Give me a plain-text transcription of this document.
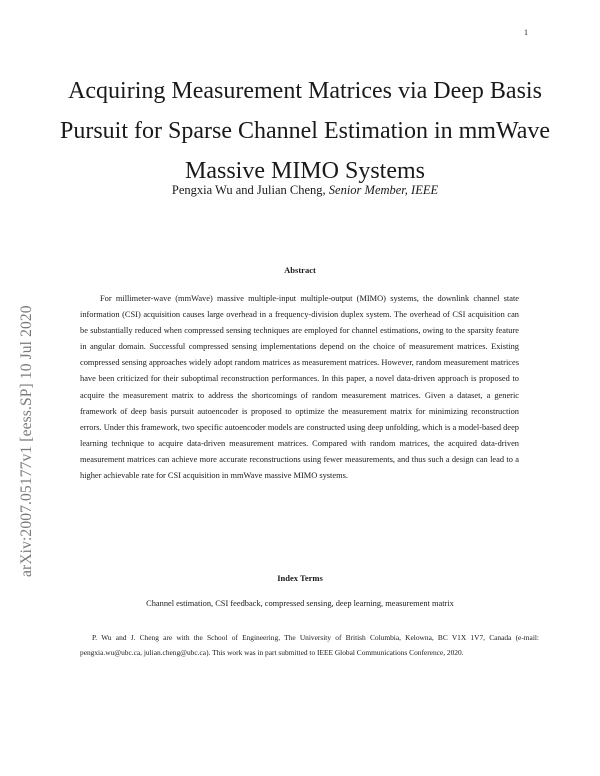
1
arXiv:2007.05177v1 [eess.SP] 10 Jul 2020
Acquiring Measurement Matrices via Deep Basis Pursuit for Sparse Channel Estimation in mmWave Massive MIMO Systems
Pengxia Wu and Julian Cheng, Senior Member, IEEE
Abstract

For millimeter-wave (mmWave) massive multiple-input multiple-output (MIMO) systems, the downlink channel state information (CSI) acquisition causes large overhead in a frequency-division duplex system. The overhead of CSI acquisition can be substantially reduced when compressed sensing techniques are employed for channel estimations, owing to the sparsity feature in angular domain. Successful compressed sensing implementations depend on the choice of measurement matrices. Existing compressed sensing approaches widely adopt random matrices as measurement matrices. However, random measurement matrices have been criticized for their suboptimal reconstruction performances. In this paper, a novel data-driven approach is proposed to acquire the measurement matrix to address the shortcomings of random measurement matrices. Given a dataset, a generic framework of deep basis pursuit autoencoder is proposed to optimize the measurement matrix for minimizing reconstruction errors. Under this framework, two specific autoencoder models are constructed using deep unfolding, which is a model-based deep learning technique to acquire data-driven measurement matrices. Compared with random matrices, the acquired data-driven measurement matrices can achieve more accurate reconstructions using fewer measurements, and thus such a design can lead to a higher achievable rate for CSI acquisition in mmWave massive MIMO systems.

Index Terms
Channel estimation, CSI feedback, compressed sensing, deep learning, measurement matrix

P. Wu and J. Cheng are with the School of Engineering, The University of British Columbia, Kelowna, BC V1X 1V7, Canada (e-mail: pengxia.wu@ubc.ca, julian.cheng@ubc.ca). This work was in part submitted to IEEE Global Communications Conference, 2020.
